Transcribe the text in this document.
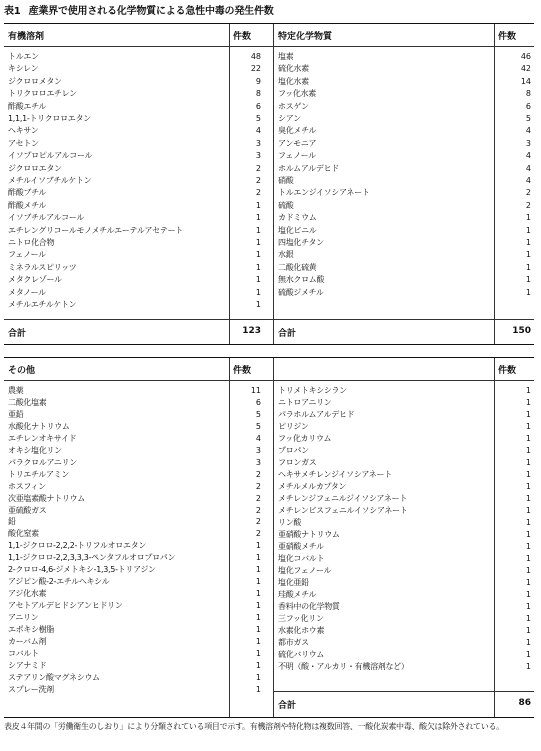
表1 産業界で使用される化学物質による急性中毒の発生件数
有機溶剤	件数	特定化学物質	件数
トルエン	48
キシレン	22
ジクロロメタン	9
トリクロロエチレン	8
酢酸エチル	6
1,1,1-トリクロロエタン	5
ヘキサン	4
アセトン	3
イソプロピルアルコール	3
ジクロロエタン	2
メチルイソブチルケトン	2
酢酸ブチル	2
酢酸メチル	1
イソブチルアルコール	1
エチレングリコールモノメチルエーテルアセテート	1
ニトロ化合物	1
フェノール	1
ミネラルスピリッツ	1
メタクレゾール	1
メタノール	1
メチルエチルケトン	1
塩素	46
硫化水素	42
塩化水素	14
フッ化水素	8
ホスゲン	6
シアン	5
臭化メチル	4
アンモニア	3
フェノール	4
ホルムアルデヒド	4
硝酸	4
トルエンジイソシアネート	2
硫酸	2
カドミウム	1
塩化ビニル	1
四塩化チタン	1
水銀	1
二酸化硫黄	1
無水クロム酸	1
硫酸ジメチル	1
合計	123 合計	150
その他	件数	件数
農薬	11
二酸化塩素	6
亜鉛	5
水酸化ナトリウム	5
エチレンオキサイド	4
オキシ塩化リン	3
パラクロルアニリン	3
トリエチルアミン	2
ホスフィン	2
次亜塩素酸ナトリウム	2
亜硫酸ガス	2
鉛	2
酸化窒素	2
1,1-ジクロロ-2,2,2-トリフルオロエタン	1
1,1-ジクロロ-2,2,3,3,3-ペンタフルオロプロパン	1
2-クロロ-4,6-ジメトキシ-1,3,5-トリアジン	1
アジピン酸-2-エチルヘキシル	1
アジ化水素	1
アセトアルデヒドシアンヒドリン	1
アニリン	1
エポキシ樹脂	1
カーバム剤	1
コバルト	1
シアナミド	1
ステアリン酸マグネシウム	1
スプレー洗剤	1
トリメトキシシラン	1
ニトロアニリン	1
パラホルムアルデヒド	1
ピリジン	1
フッ化カリウム	1
プロパン	1
フロンガス	1
ヘキサメチレンジイソシアネート	1
メチルメルカプタン	1
メチレンジフェニルジイソシアネート	1
メチレンビスフェニルイソシアネート	1
リン酸	1
亜硝酸ナトリウム	1
亜硝酸メチル	1
塩化コバルト	1
塩化フェノール	1
塩化亜鉛	1
珪酸メチル	1
香料中の化学物質	1
三フッ化リン	1
水素化ホウ素	1
都市ガス	1
硫化バリウム	1
不明（酸・アルカリ・有機溶剤など）	1
合計	86
表皮４年間の「労働衛生のしおり」により分類されている項目で示す。有機溶剤や特化物は複数回答、一酸化炭素中毒、酸欠は除外されている。
